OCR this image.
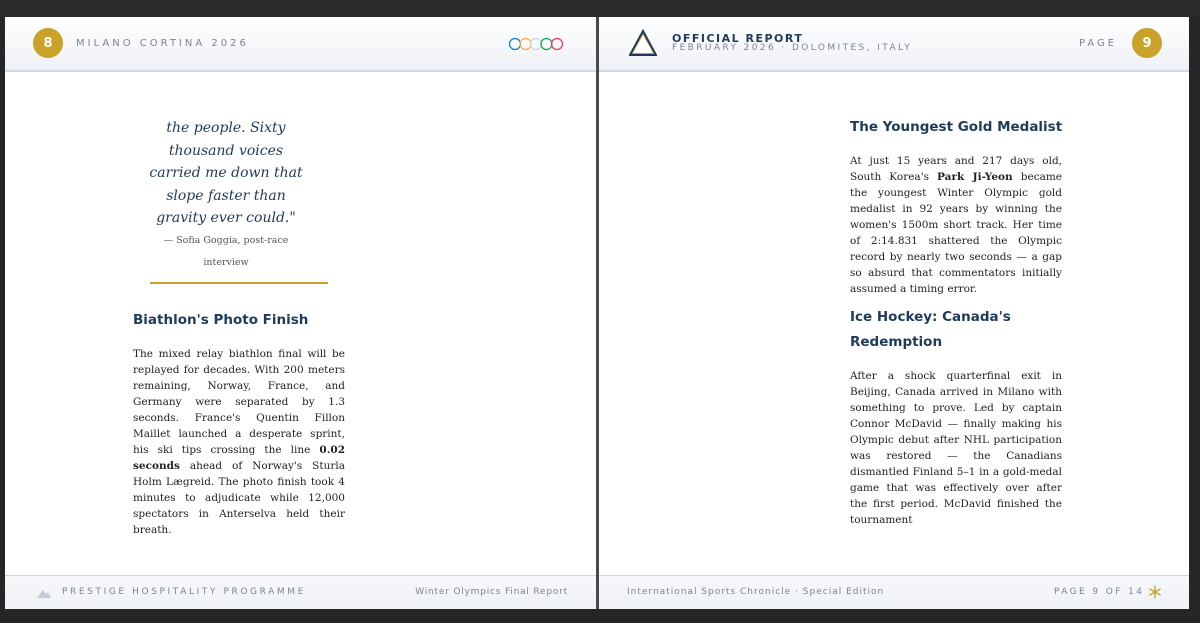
8	MILANO CORTINA 2026
the people. Sixty
thousand voices
carried me down that
slope faster than
gravity ever could."
— Sofia Goggia, post-race
interview
Biathlon's Photo Finish
The mixed relay biathlon final will be replayed for decades. With 200 meters remaining, Norway, France, and Germany were separated by 1.3 seconds. France's Quentin Fillon Maillet launched a desperate sprint, his ski tips crossing the line 0.02 seconds ahead of Norway's Sturla Holm Lægreid. The photo finish took 4 minutes to adjudicate while 12,000 spectators in Anterselva held their breath.
PRESTIGE HOSPITALITY PROGRAMME	Winter Olympics Final Report
OFFICIAL REPORT
FEBRUARY 2026 · DOLOMITES, ITALY	PAGE	9
The Youngest Gold Medalist
At just 15 years and 217 days old, South Korea's Park Ji-Yeon became the youngest Winter Olympic gold medalist in 92 years by winning the women's 1500m short track. Her time of 2:14.831 shattered the Olympic record by nearly two seconds — a gap so absurd that commentators initially assumed a timing error.
Ice Hockey: Canada's
Redemption
After a shock quarterfinal exit in Beijing, Canada arrived in Milano with something to prove. Led by captain Connor McDavid — finally making his Olympic debut after NHL participation was restored — the Canadians dismantled Finland 5–1 in a gold-medal game that was effectively over after the first period. McDavid finished the tournament
International Sports Chronicle · Special Edition	PAGE 9 OF 14
